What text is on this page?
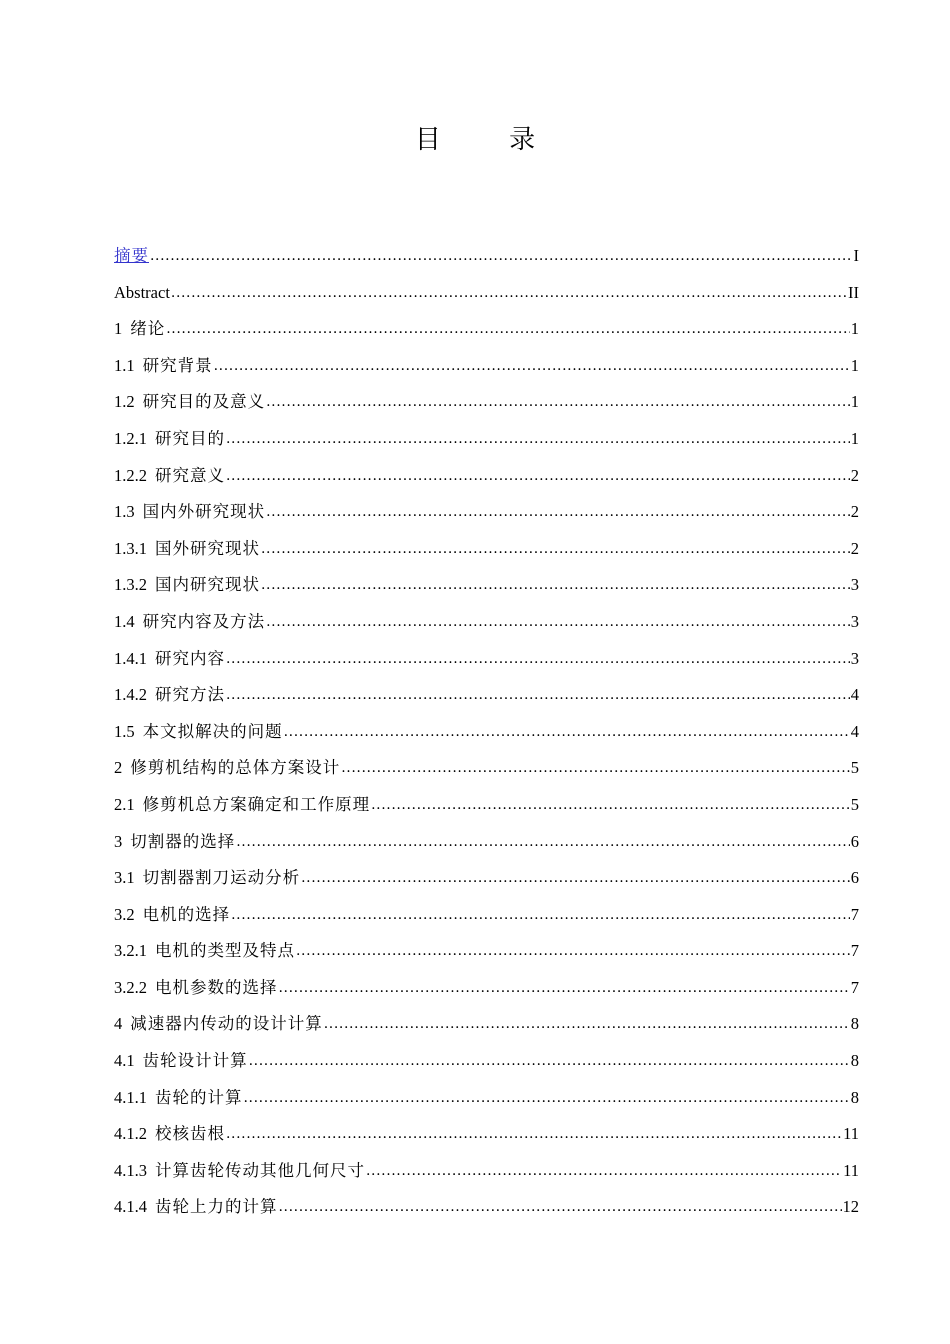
目 录
摘要 .....	I
Abstract .....	II
1 绪论 .....	1
1.1 研究背景 .....	1
1.2 研究目的及意义 .....	1
1.2.1 研究目的 .....	1
1.2.2 研究意义 .....	2
1.3 国内外研究现状 .....	2
1.3.1 国外研究现状 .....	2
1.3.2 国内研究现状 .....	3
1.4 研究内容及方法 .....	3
1.4.1 研究内容 .....	3
1.4.2 研究方法 .....	4
1.5 本文拟解决的问题 .....	4
2 修剪机结构的总体方案设计 .....	5
2.1 修剪机总方案确定和工作原理 .....	5
3 切割器的选择 .....	6
3.1 切割器割刀运动分析 .....	6
3.2 电机的选择 .....	7
3.2.1 电机的类型及特点 .....	7
3.2.2 电机参数的选择 .....	7
4 减速器内传动的设计计算 .....	8
4.1 齿轮设计计算 .....	8
4.1.1 齿轮的计算 .....	8
4.1.2 校核齿根 .....	11
4.1.3 计算齿轮传动其他几何尺寸 .....	11
4.1.4 齿轮上力的计算 .....	12
